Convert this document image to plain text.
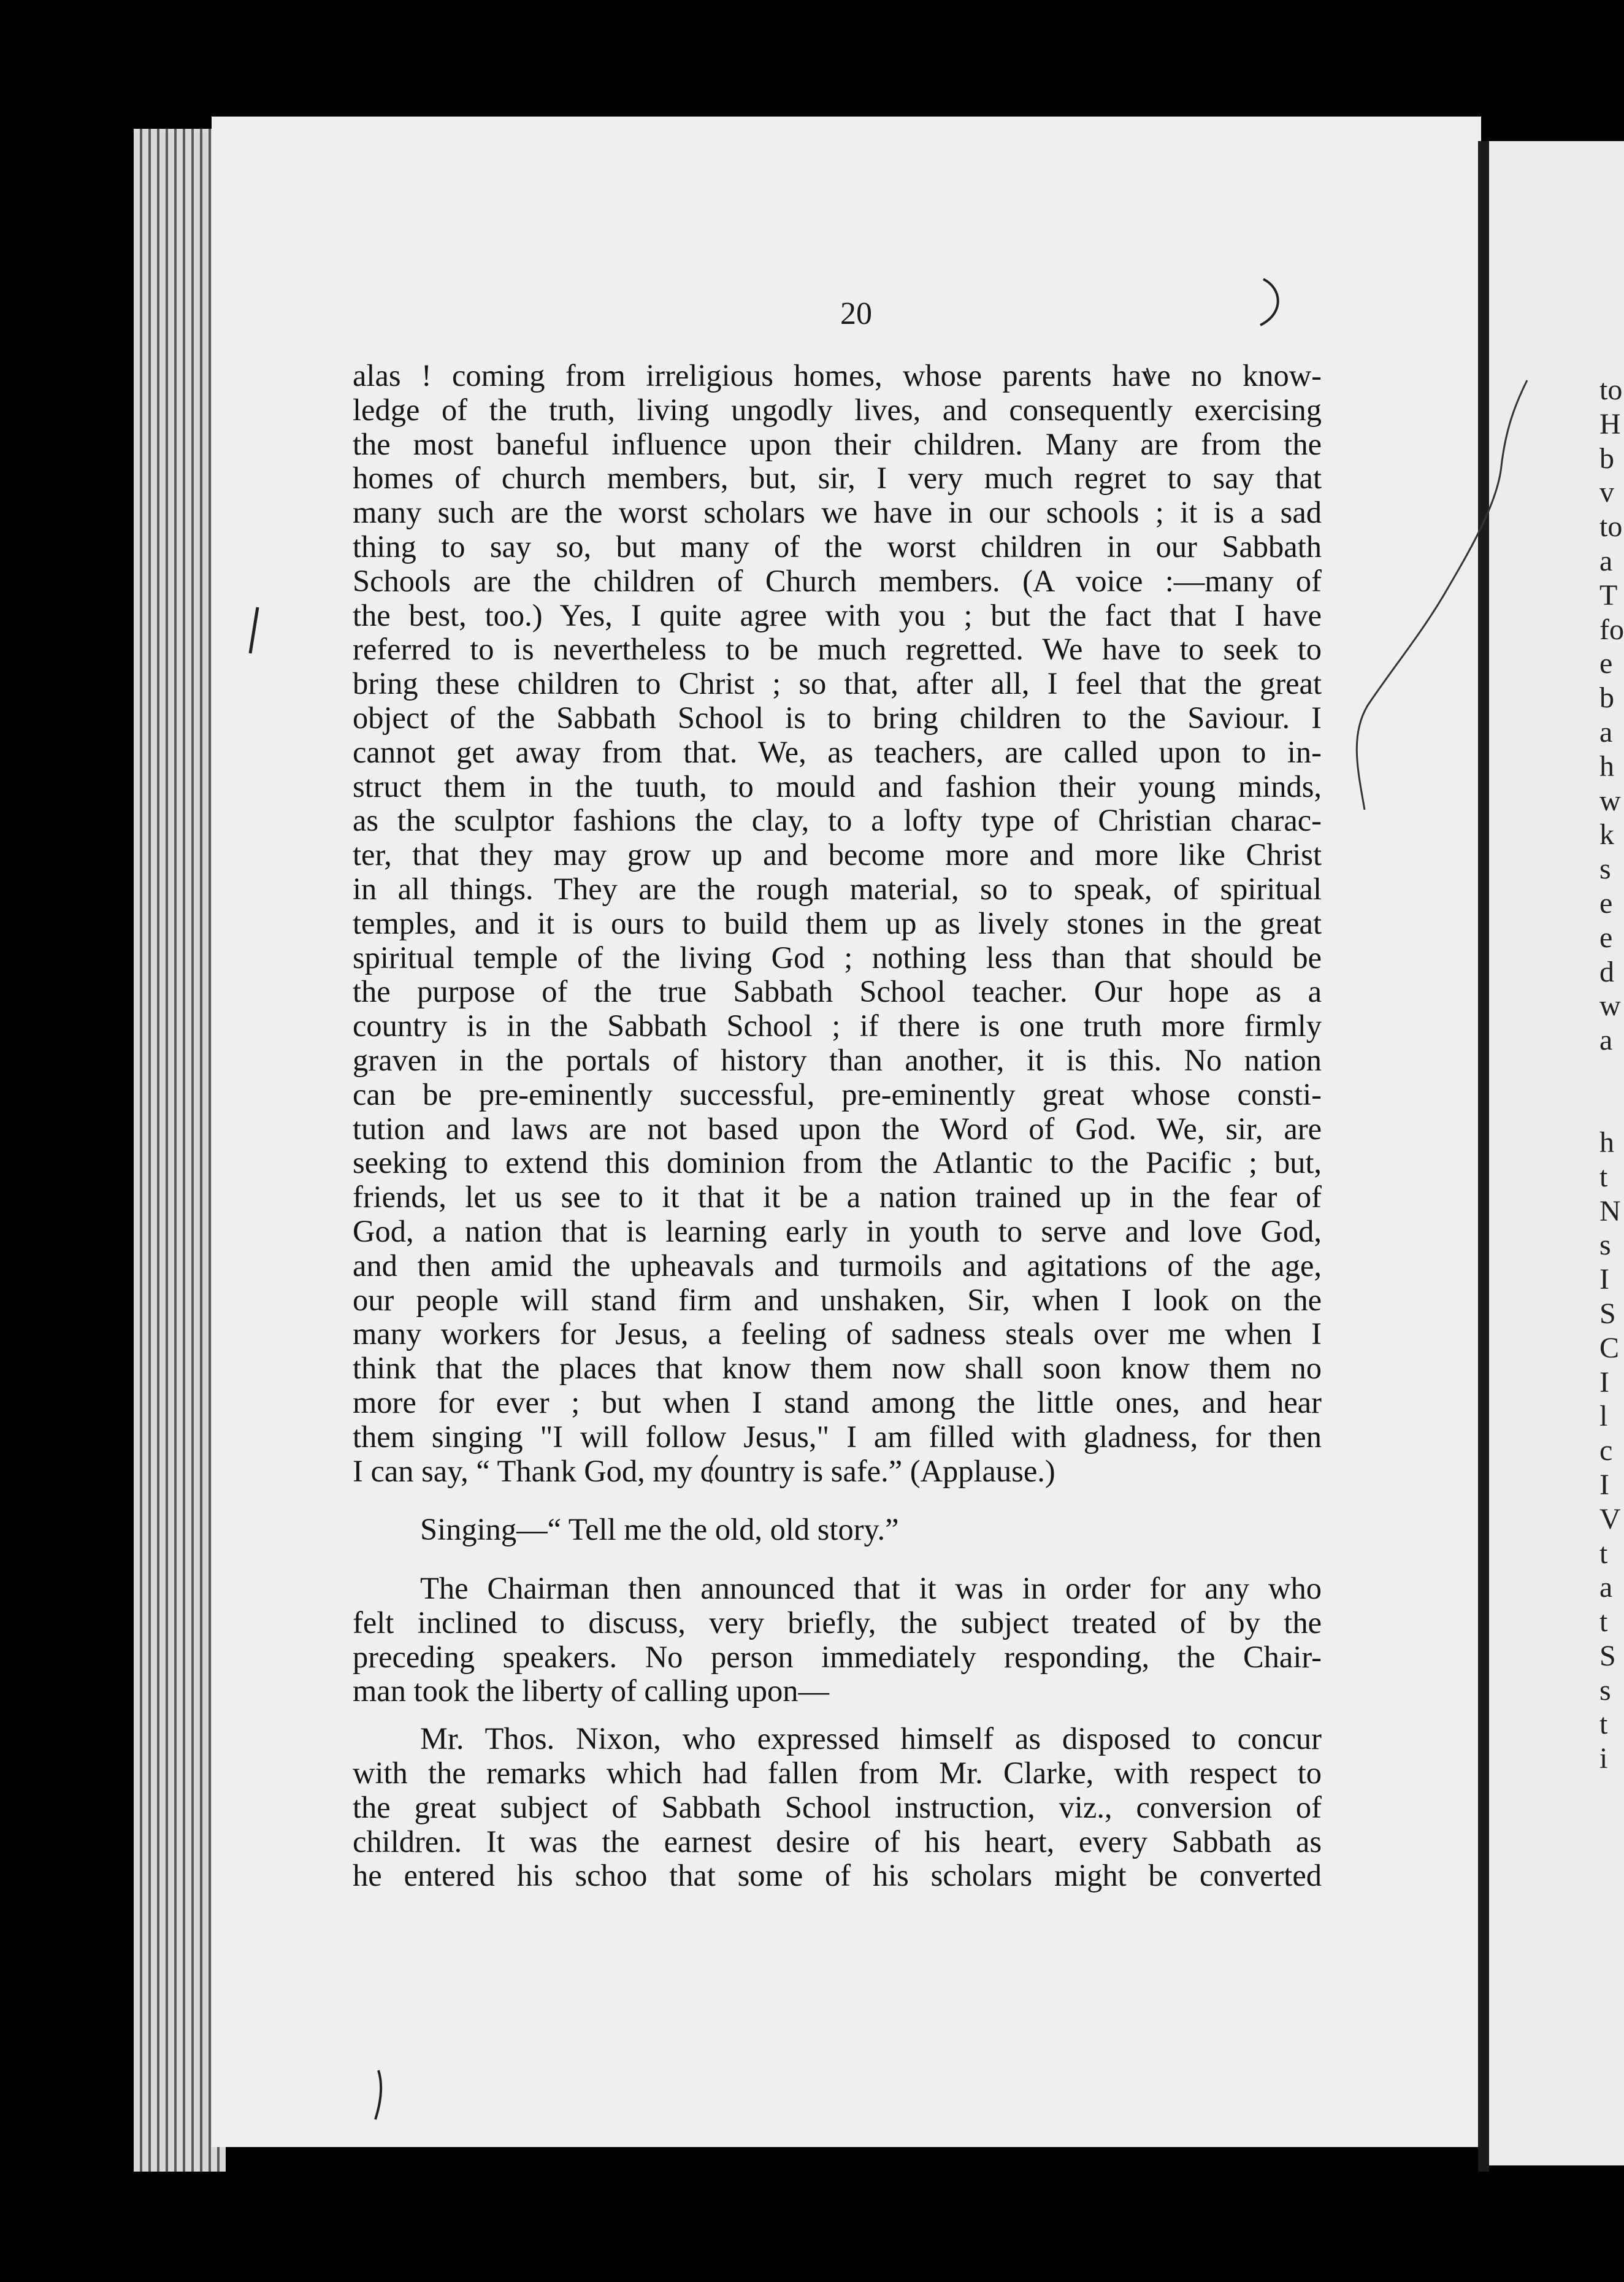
20
alas ! coming from irreligious homes, whose parents have no know-
ledge of the truth, living ungodly lives, and consequently exercising
the most baneful influence upon their children. Many are from the
homes of church members, but, sir, I very much regret to say that
many such are the worst scholars we have in our schools ; it is a sad
thing to say so, but many of the worst children in our Sabbath
Schools are the children of Church members. (A voice :—many of
the best, too.) Yes, I quite agree with you ; but the fact that I have
referred to is nevertheless to be much regretted. We have to seek to
bring these children to Christ ; so that, after all, I feel that the great
object of the Sabbath School is to bring children to the Saviour. I
cannot get away from that. We, as teachers, are called upon to in-
struct them in the tuuth, to mould and fashion their young minds,
as the sculptor fashions the clay, to a lofty type of Christian charac-
ter, that they may grow up and become more and more like Christ
in all things. They are the rough material, so to speak, of spiritual
temples, and it is ours to build them up as lively stones in the great
spiritual temple of the living God ; nothing less than that should be
the purpose of the true Sabbath School teacher. Our hope as a
country is in the Sabbath School ; if there is one truth more firmly
graven in the portals of history than another, it is this. No nation
can be pre-eminently successful, pre-eminently great whose consti-
tution and laws are not based upon the Word of God. We, sir, are
seeking to extend this dominion from the Atlantic to the Pacific ; but,
friends, let us see to it that it be a nation trained up in the fear of
God, a nation that is learning early in youth to serve and love God,
and then amid the upheavals and turmoils and agitations of the age,
our people will stand firm and unshaken, Sir, when I look on the
many workers for Jesus, a feeling of sadness steals over me when I
think that the places that know them now shall soon know them no
more for ever ; but when I stand among the little ones, and hear
them singing "I will follow Jesus," I am filled with gladness, for then
I can say, “ Thank God, my country is safe.” (Applause.)
Singing—“ Tell me the old, old story.”
The Chairman then announced that it was in order for any who
felt inclined to discuss, very briefly, the subject treated of by the
preceding speakers. No person immediately responding, the Chair-
man took the liberty of calling upon—
Mr. Thos. Nixon, who expressed himself as disposed to concur
with the remarks which had fallen from Mr. Clarke, with respect to
the great subject of Sabbath School instruction, viz., conversion of
children. It was the earnest desire of his heart, every Sabbath as
he entered his schoo that some of his scholars might be converted
to
H
b
v
to
a
T
fo
e
b
a
h
w
k
s
e
e
d
w
a
h
t
N
s
I
S
C
I
l
c
I
V
t
a
t
S
s
t
i
